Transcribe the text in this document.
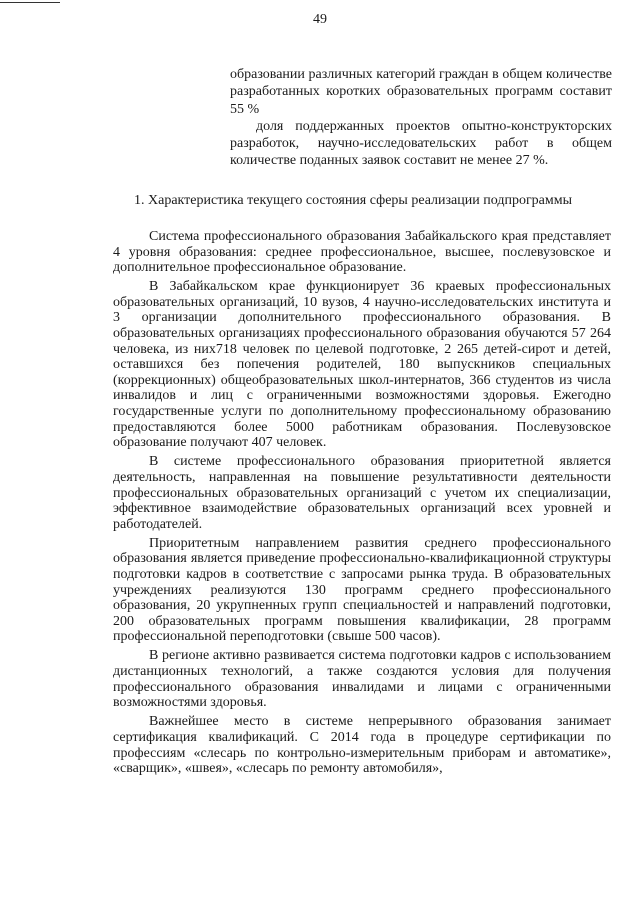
49

образовании различных категорий граждан в общем количестве разработанных коротких образовательных программ составит 55 %

доля поддержанных проектов опытно-конструкторских разработок, научно-исследовательских работ в общем количестве поданных заявок составит не менее 27 %.

1. Характеристика текущего состояния сферы реализации подпрограммы

Система профессионального образования Забайкальского края представляет 4 уровня образования: среднее профессиональное, высшее, послевузовское и дополнительное профессиональное образование.

В Забайкальском крае функционирует 36 краевых профессиональных образовательных организаций, 10 вузов, 4 научно-исследовательских института и 3 организации дополнительного профессионального образования. В образовательных организациях профессионального образования обучаются 57 264 человека, из них718 человек по целевой подготовке, 2 265 детей-сирот и детей, оставшихся без попечения родителей, 180 выпускников специальных (коррекционных) общеобразовательных школ-интернатов, 366 студентов из числа инвалидов и лиц с ограниченными возможностями здоровья. Ежегодно государственные услуги по дополнительному профессиональному образованию предоставляются более 5000 работникам образования. Послевузовское образование получают 407 человек.

В системе профессионального образования приоритетной является деятельность, направленная на повышение результативности деятельности профессиональных образовательных организаций с учетом их специализации, эффективное взаимодействие образовательных организаций всех уровней и работодателей.

Приоритетным направлением развития среднего профессионального образования является приведение профессионально-квалификационной структуры подготовки кадров в соответствие с запросами рынка труда. В образовательных учреждениях реализуются 130 программ среднего профессионального образования, 20 укрупненных групп специальностей и направлений подготовки, 200 образовательных программ повышения квалификации, 28 программ профессиональной переподготовки (свыше 500 часов).

В регионе активно развивается система подготовки кадров с использованием дистанционных технологий, а также создаются условия для получения профессионального образования инвалидами и лицами с ограниченными возможностями здоровья.

Важнейшее место в системе непрерывного образования занимает сертификация квалификаций. С 2014 года в процедуре сертификации по профессиям «слесарь по контрольно-измерительным приборам и автоматике», «сварщик», «швея», «слесарь по ремонту автомобиля»,
